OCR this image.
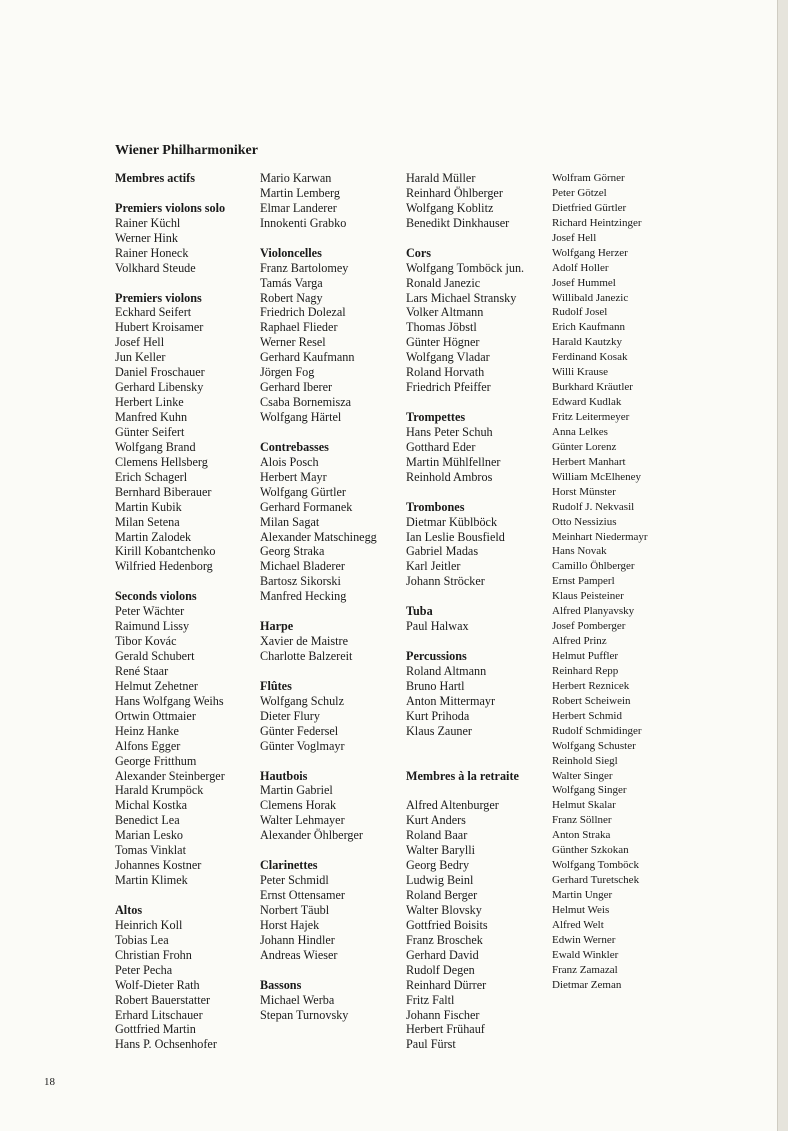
Wiener Philharmoniker
Membres actifs
Premiers violons solo
Rainer Küchl
Werner Hink
Rainer Honeck
Volkhard Steude
Premiers violons
Eckhard Seifert
Hubert Kroisamer
Josef Hell
Jun Keller
Daniel Froschauer
Gerhard Libensky
Herbert Linke
Manfred Kuhn
Günter Seifert
Wolfgang Brand
Clemens Hellsberg
Erich Schagerl
Bernhard Biberauer
Martin Kubik
Milan Setena
Martin Zalodek
Kirill Kobantchenko
Wilfried Hedenborg
Seconds violons
Peter Wächter
Raimund Lissy
Tibor Kovác
Gerald Schubert
René Staar
Helmut Zehetner
Hans Wolfgang Weihs
Ortwin Ottmaier
Heinz Hanke
Alfons Egger
George Fritthum
Alexander Steinberger
Harald Krumpöck
Michal Kostka
Benedict Lea
Marian Lesko
Tomas Vinklat
Johannes Kostner
Martin Klimek
Altos
Heinrich Koll
Tobias Lea
Christian Frohn
Peter Pecha
Wolf-Dieter Rath
Robert Bauerstatter
Erhard Litschauer
Gottfried Martin
Hans P. Ochsenhofer
Mario Karwan
Martin Lemberg
Elmar Landerer
Innokenti Grabko
Violoncelles
Franz Bartolomey
Tamás Varga
Robert Nagy
Friedrich Dolezal
Raphael Flieder
Werner Resel
Gerhard Kaufmann
Jörgen Fog
Gerhard Iberer
Csaba Bornemisza
Wolfgang Härtel
Contrebasses
Alois Posch
Herbert Mayr
Wolfgang Gürtler
Gerhard Formanek
Milan Sagat
Alexander Matschinegg
Georg Straka
Michael Bladerer
Bartosz Sikorski
Manfred Hecking
Harpe
Xavier de Maistre
Charlotte Balzereit
Flûtes
Wolfgang Schulz
Dieter Flury
Günter Federsel
Günter Voglmayr
Hautbois
Martin Gabriel
Clemens Horak
Walter Lehmayer
Alexander Öhlberger
Clarinettes
Peter Schmidl
Ernst Ottensamer
Norbert Täubl
Horst Hajek
Johann Hindler
Andreas Wieser
Bassons
Michael Werba
Stepan Turnovsky
Harald Müller
Reinhard Öhlberger
Wolfgang Koblitz
Benedikt Dinkhauser
Cors
Wolfgang Tomböck jun.
Ronald Janezic
Lars Michael Stransky
Volker Altmann
Thomas Jöbstl
Günter Högner
Wolfgang Vladar
Roland Horvath
Friedrich Pfeiffer
Trompettes
Hans Peter Schuh
Gotthard Eder
Martin Mühlfellner
Reinhold Ambros
Trombones
Dietmar Küblböck
Ian Leslie Bousfield
Gabriel Madas
Karl Jeitler
Johann Ströcker
Tuba
Paul Halwax
Percussions
Roland Altmann
Bruno Hartl
Anton Mittermayr
Kurt Prihoda
Klaus Zauner
Membres à la retraite
Alfred Altenburger
Kurt Anders
Roland Baar
Walter Barylli
Georg Bedry
Ludwig Beinl
Roland Berger
Walter Blovsky
Gottfried Boisits
Franz Broschek
Gerhard David
Rudolf Degen
Reinhard Dürrer
Fritz Faltl
Johann Fischer
Herbert Frühauf
Paul Fürst
Wolfram Görner
Peter Götzel
Dietfried Gürtler
Richard Heintzinger
Josef Hell
Wolfgang Herzer
Adolf Holler
Josef Hummel
Willibald Janezic
Rudolf Josel
Erich Kaufmann
Harald Kautzky
Ferdinand Kosak
Willi Krause
Burkhard Kräutler
Edward Kudlak
Fritz Leitermeyer
Anna Lelkes
Günter Lorenz
Herbert Manhart
William McElheney
Horst Münster
Rudolf J. Nekvasil
Otto Nessizius
Meinhart Niedermayr
Hans Novak
Camillo Öhlberger
Ernst Pamperl
Klaus Peisteiner
Alfred Planyavsky
Josef Pomberger
Alfred Prinz
Helmut Puffler
Reinhard Repp
Herbert Reznicek
Robert Scheiwein
Herbert Schmid
Rudolf Schmidinger
Wolfgang Schuster
Reinhold Siegl
Walter Singer
Wolfgang Singer
Helmut Skalar
Franz Söllner
Anton Straka
Günther Szkokan
Wolfgang Tomböck
Gerhard Turetschek
Martin Unger
Helmut Weis
Alfred Welt
Edwin Werner
Ewald Winkler
Franz Zamazal
Dietmar Zeman
18
